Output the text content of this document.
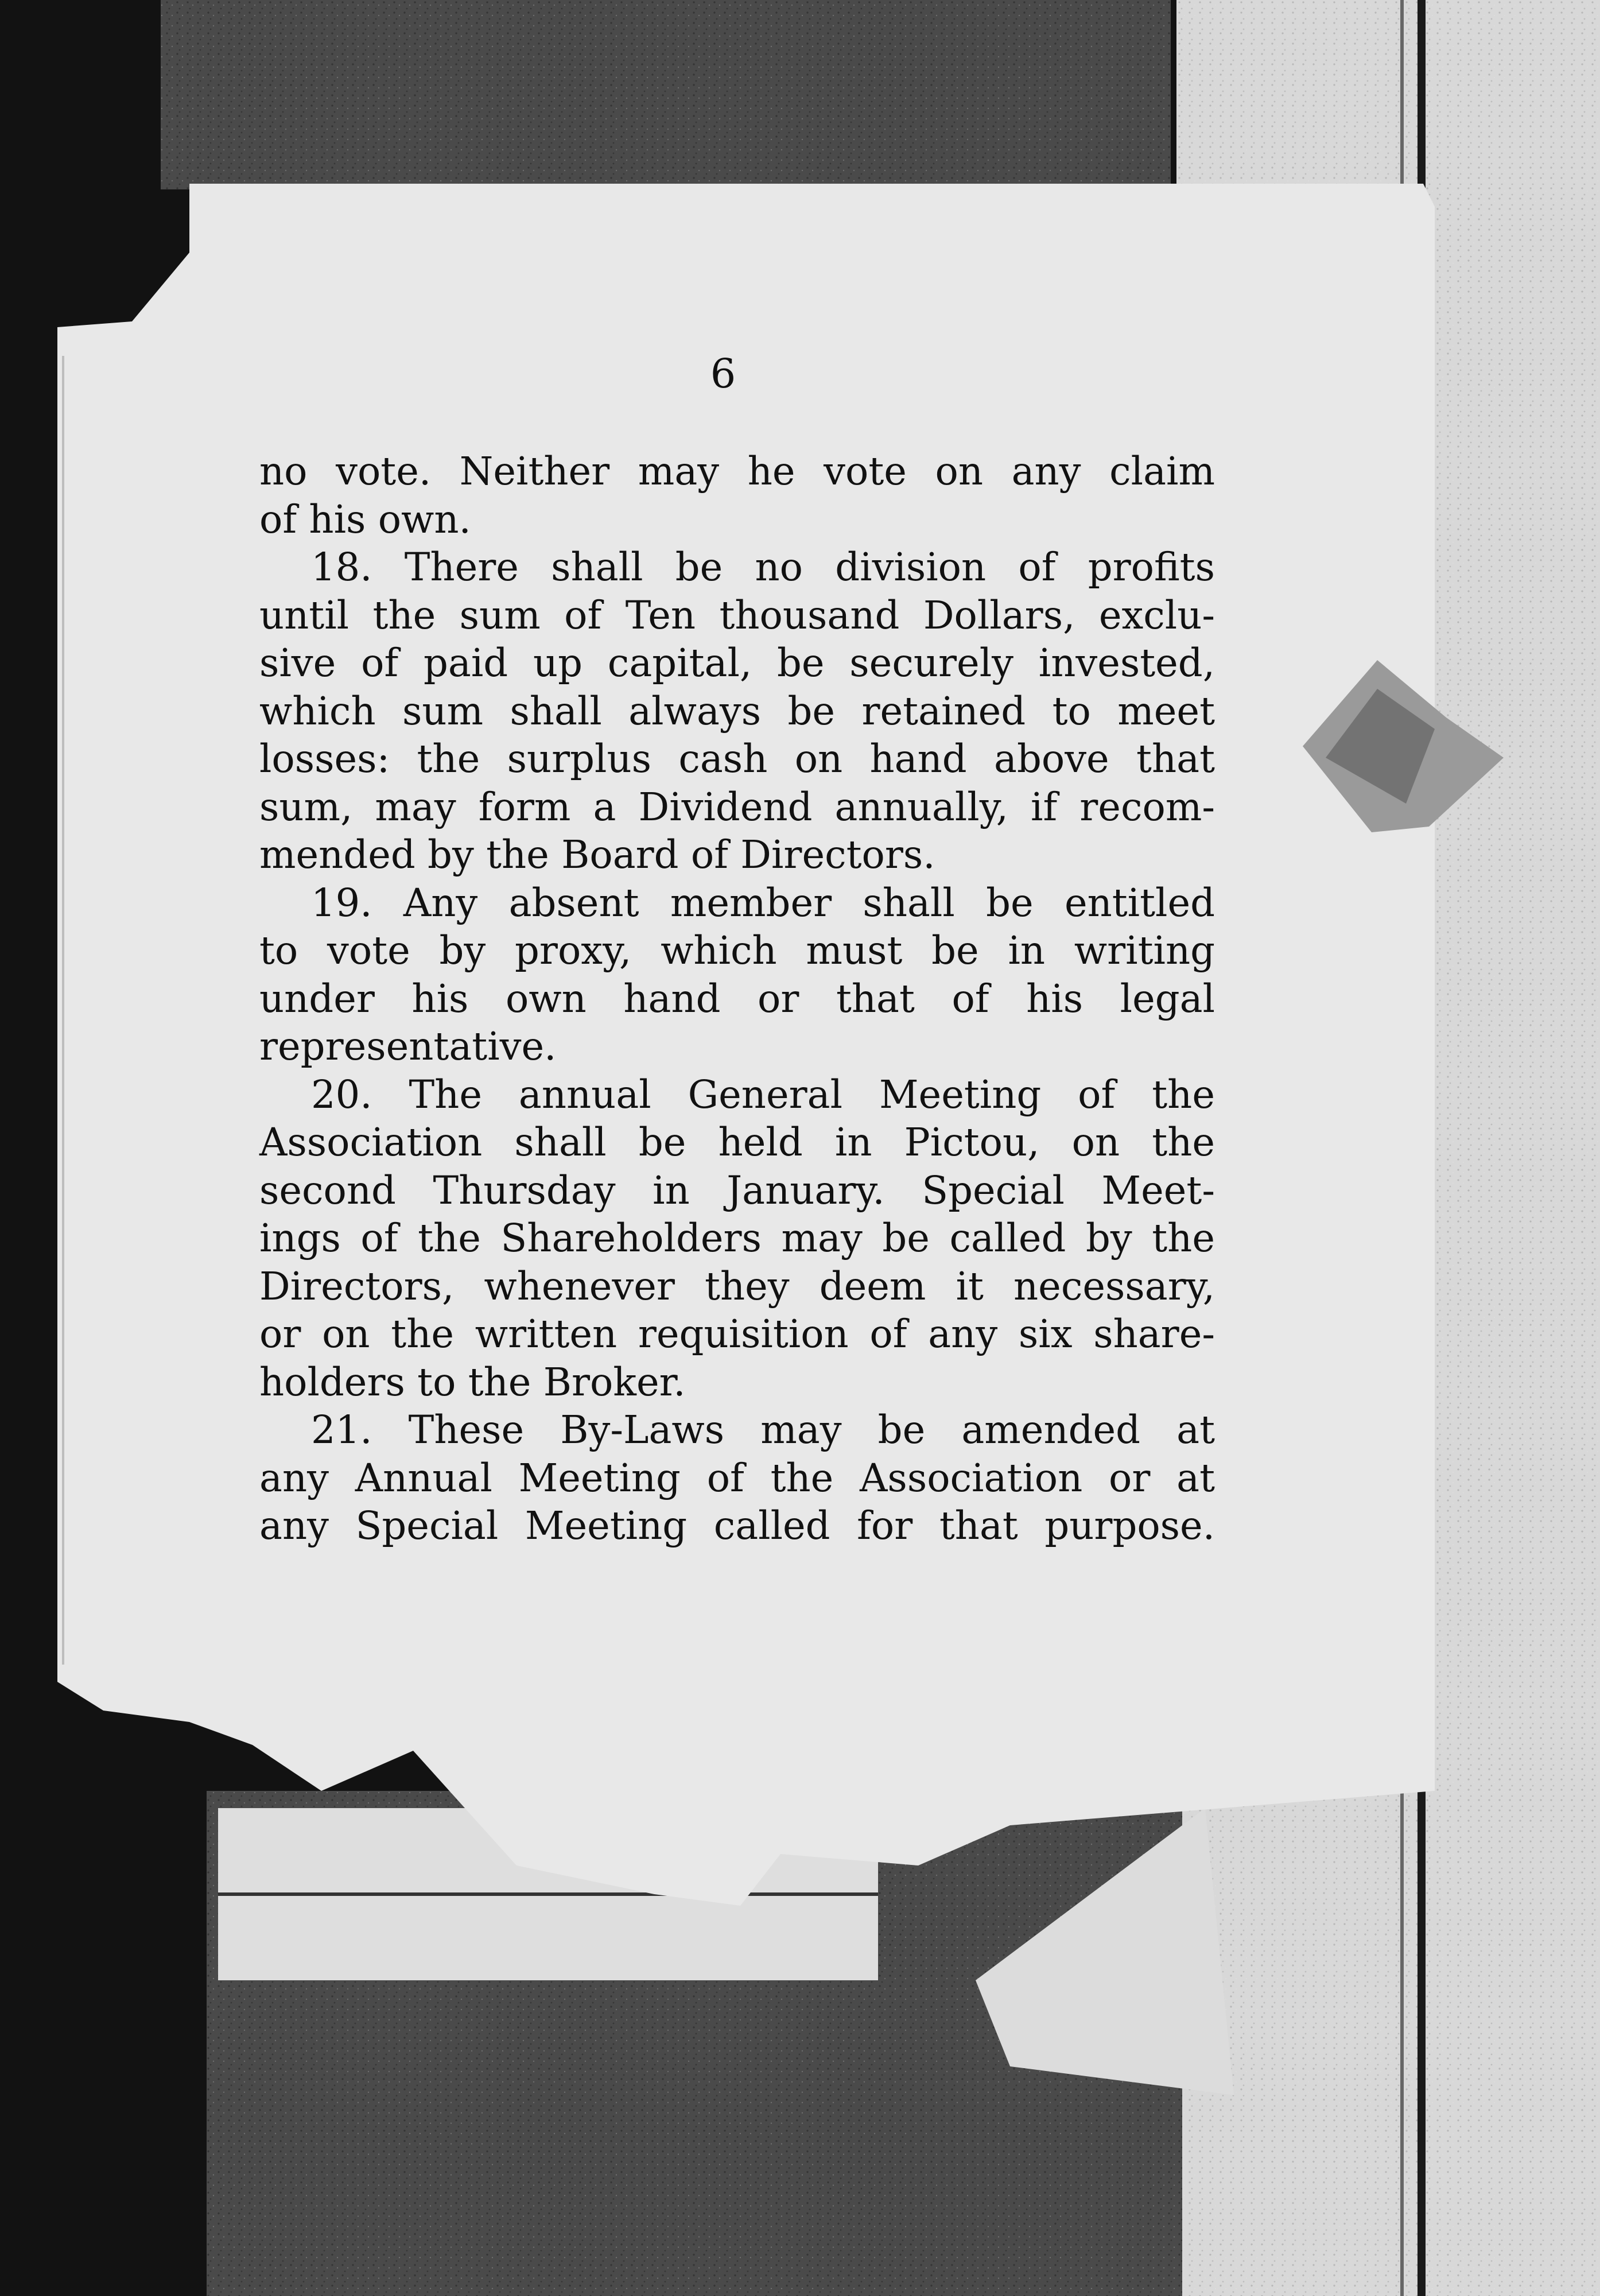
6
no vote. Neither may he vote on any claim
of his own.
18. There shall be no division of profits
until the sum of Ten thousand Dollars, exclu-
sive of paid up capital, be securely invested,
which sum shall always be retained to meet
losses: the surplus cash on hand above that
sum, may form a Dividend annually, if recom-
mended by the Board of Directors.
19. Any absent member shall be entitled
to vote by proxy, which must be in writing
under his own hand or that of his legal
representative.
20. The annual General Meeting of the
Association shall be held in Pictou, on the
second Thursday in January. Special Meet-
ings of the Shareholders may be called by the
Directors, whenever they deem it necessary,
or on the written requisition of any six share-
holders to the Broker.
21. These By-Laws may be amended at
any Annual Meeting of the Association or at
any Special Meeting called for that purpose.
